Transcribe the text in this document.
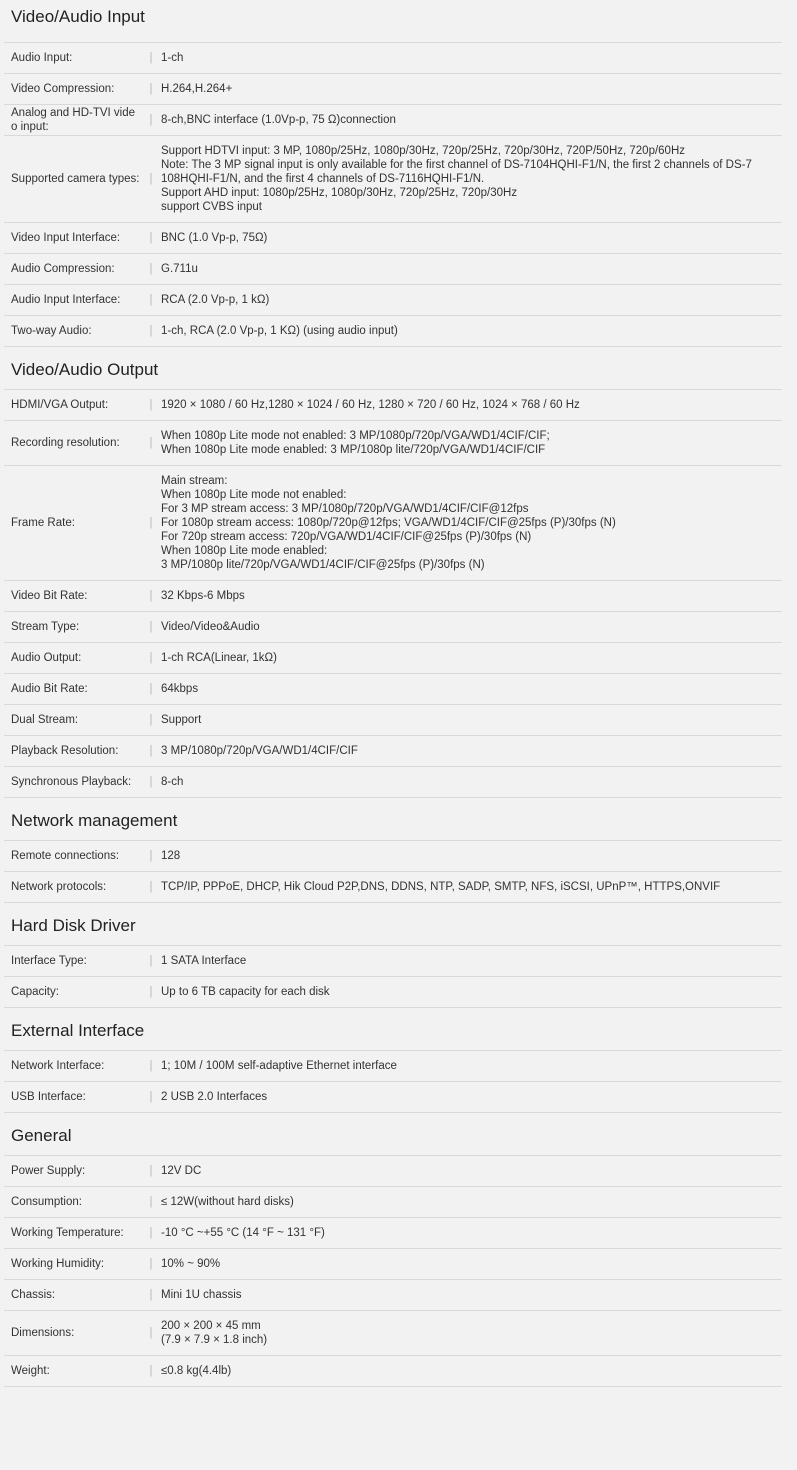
Video/Audio Input
Audio Input:	| 1-ch
Video Compression:	| H.264,H.264+
Analog and HD-TVI vide
o input:
| 8-ch,BNC interface (1.0Vp-p, 75 Ω)connection
Supported camera types: |
Support HDTVI input: 3 MP, 1080p/25Hz, 1080p/30Hz, 720p/25Hz, 720p/30Hz, 720P/50Hz, 720p/60Hz
Note: The 3 MP signal input is only available for the first channel of DS-7104HQHI-F1/N, the first 2 channels of DS-7
108HQHI-F1/N, and the first 4 channels of DS-7116HQHI-F1/N.
Support AHD input: 1080p/25Hz, 1080p/30Hz, 720p/25Hz, 720p/30Hz
support CVBS input
Video Input Interface:	| BNC (1.0 Vp-p, 75Ω)
Audio Compression:	| G.711u
Audio Input Interface:	| RCA (2.0 Vp-p, 1 kΩ)
Two-way Audio:	| 1-ch, RCA (2.0 Vp-p, 1 KΩ) (using audio input)
Video/Audio Output
HDMI/VGA Output:	| 1920 × 1080 / 60 Hz,1280 × 1024 / 60 Hz, 1280 × 720 / 60 Hz, 1024 × 768 / 60 Hz
Recording resolution:	|
When 1080p Lite mode not enabled: 3 MP/1080p/720p/VGA/WD1/4CIF/CIF;
When 1080p Lite mode enabled: 3 MP/1080p lite/720p/VGA/WD1/4CIF/CIF
Frame Rate:	|
Main stream:
When 1080p Lite mode not enabled:
For 3 MP stream access: 3 MP/1080p/720p/VGA/WD1/4CIF/CIF@12fps
For 1080p stream access: 1080p/720p@12fps; VGA/WD1/4CIF/CIF@25fps (P)/30fps (N)
For 720p stream access: 720p/VGA/WD1/4CIF/CIF@25fps (P)/30fps (N)
When 1080p Lite mode enabled:
3 MP/1080p lite/720p/VGA/WD1/4CIF/CIF@25fps (P)/30fps (N)
Video Bit Rate:	| 32 Kbps-6 Mbps
Stream Type:	| Video/Video&Audio
Audio Output:	| 1-ch RCA(Linear, 1kΩ)
Audio Bit Rate:	| 64kbps
Dual Stream:	| Support
Playback Resolution:	| 3 MP/1080p/720p/VGA/WD1/4CIF/CIF
Synchronous Playback:	| 8-ch
Network management
Remote connections:	| 128
Network protocols:	| TCP/IP, PPPoE, DHCP, Hik Cloud P2P,DNS, DDNS, NTP, SADP, SMTP, NFS, iSCSI, UPnP™, HTTPS,ONVIF
Hard Disk Driver
Interface Type:	| 1 SATA Interface
Capacity:	| Up to 6 TB capacity for each disk
External Interface
Network Interface:	| 1; 10M / 100M self-adaptive Ethernet interface
USB Interface:	| 2 USB 2.0 Interfaces
General
Power Supply:	| 12V DC
Consumption:	| ≤ 12W(without hard disks)
Working Temperature:	| -10 °C ~+55 °C (14 °F ~ 131 °F)
Working Humidity:	| 10% ~ 90%
Chassis:	| Mini 1U chassis
Dimensions:	|
200 × 200 × 45 mm
(7.9 × 7.9 × 1.8 inch)
Weight:	| ≤0.8 kg(4.4lb)
